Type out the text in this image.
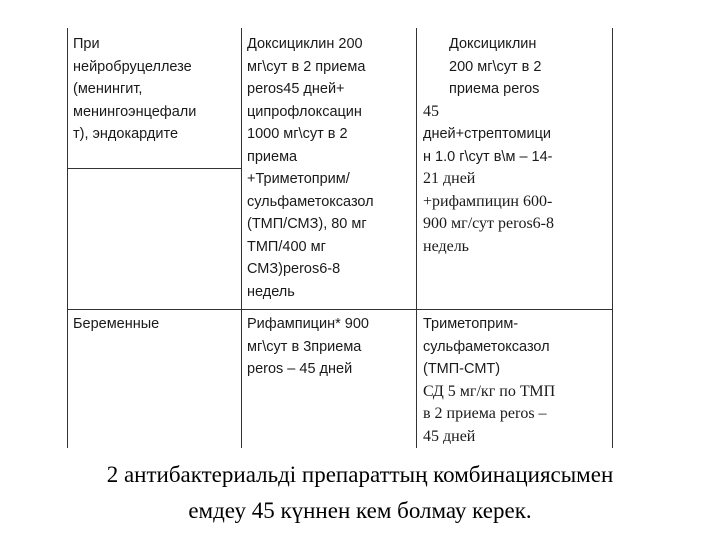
При

нейробруцеллезе

(менингит,

менингоэнцефали

т), эндокардите

Доксициклин 200

мг\сут в 2 приема

peros45 дней+

ципрофлоксацин

1000 мг\сут в 2

приема

+Триметоприм/

сульфаметоксазол

(ТМП/СМЗ), 80 мг

ТМП/400 мг

СМЗ)peros6-8

недель

Доксициклин

200 мг\сут в 2

приема peros

45

дней+стрептомици

н 1.0 г\сут в\м – 14-

21 дней

+рифампицин 600-

900 мг/сут peros6-8

недель

Беременные	Рифампицин* 900

мг\сут в 3приема

peros – 45 дней

Триметоприм-

сульфаметоксазол

(ТМП-СМТ)

СД 5 мг/кг по ТМП

в 2 приема peros –

45 дней

2 антибактериальді препараттың комбинациясымен
емдеу 45 күннен кем болмау керек.
